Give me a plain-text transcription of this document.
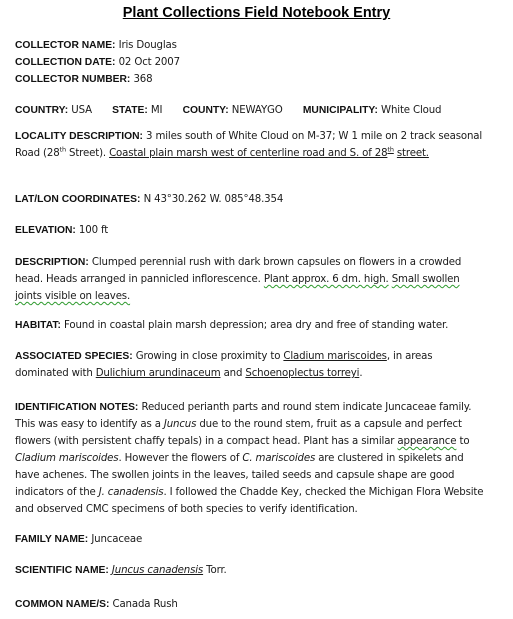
Plant Collections Field Notebook Entry
COLLECTOR NAME: Iris Douglas
COLLECTION DATE: 02 Oct 2007
COLLECTOR NUMBER: 368
COUNTRY: USA STATE: MI COUNTY: NEWAYGO MUNICIPALITY: White Cloud
LOCALITY DESCRIPTION: 3 miles south of White Cloud on M-37; W 1 mile on 2 track seasonal Road (28th Street). Coastal plain marsh west of centerline road and S. of 28th street.
LAT/LON COORDINATES: N 43°30.262 W. 085°48.354
ELEVATION: 100 ft
DESCRIPTION: Clumped perennial rush with dark brown capsules on flowers in a crowded head. Heads arranged in pannicled inflorescence. Plant approx. 6 dm. high. Small swollen joints visible on leaves.
HABITAT: Found in coastal plain marsh depression; area dry and free of standing water.
ASSOCIATED SPECIES: Growing in close proximity to Cladium mariscoides, in areas dominated with Dulichium arundinaceum and Schoenoplectus torreyi.
IDENTIFICATION NOTES: Reduced perianth parts and round stem indicate Juncaceae family. This was easy to identify as a Juncus due to the round stem, fruit as a capsule and perfect flowers (with persistent chaffy tepals) in a compact head. Plant has a similar appearance to Cladium mariscoides. However the flowers of C. mariscoides are clustered in spikelets and have achenes. The swollen joints in the leaves, tailed seeds and capsule shape are good indicators of the J. canadensis. I followed the Chadde Key, checked the Michigan Flora Website and observed CMC specimens of both species to verify identification.
FAMILY NAME: Juncaceae
SCIENTIFIC NAME: Juncus canadensis Torr.
COMMON NAME/S: Canada Rush
